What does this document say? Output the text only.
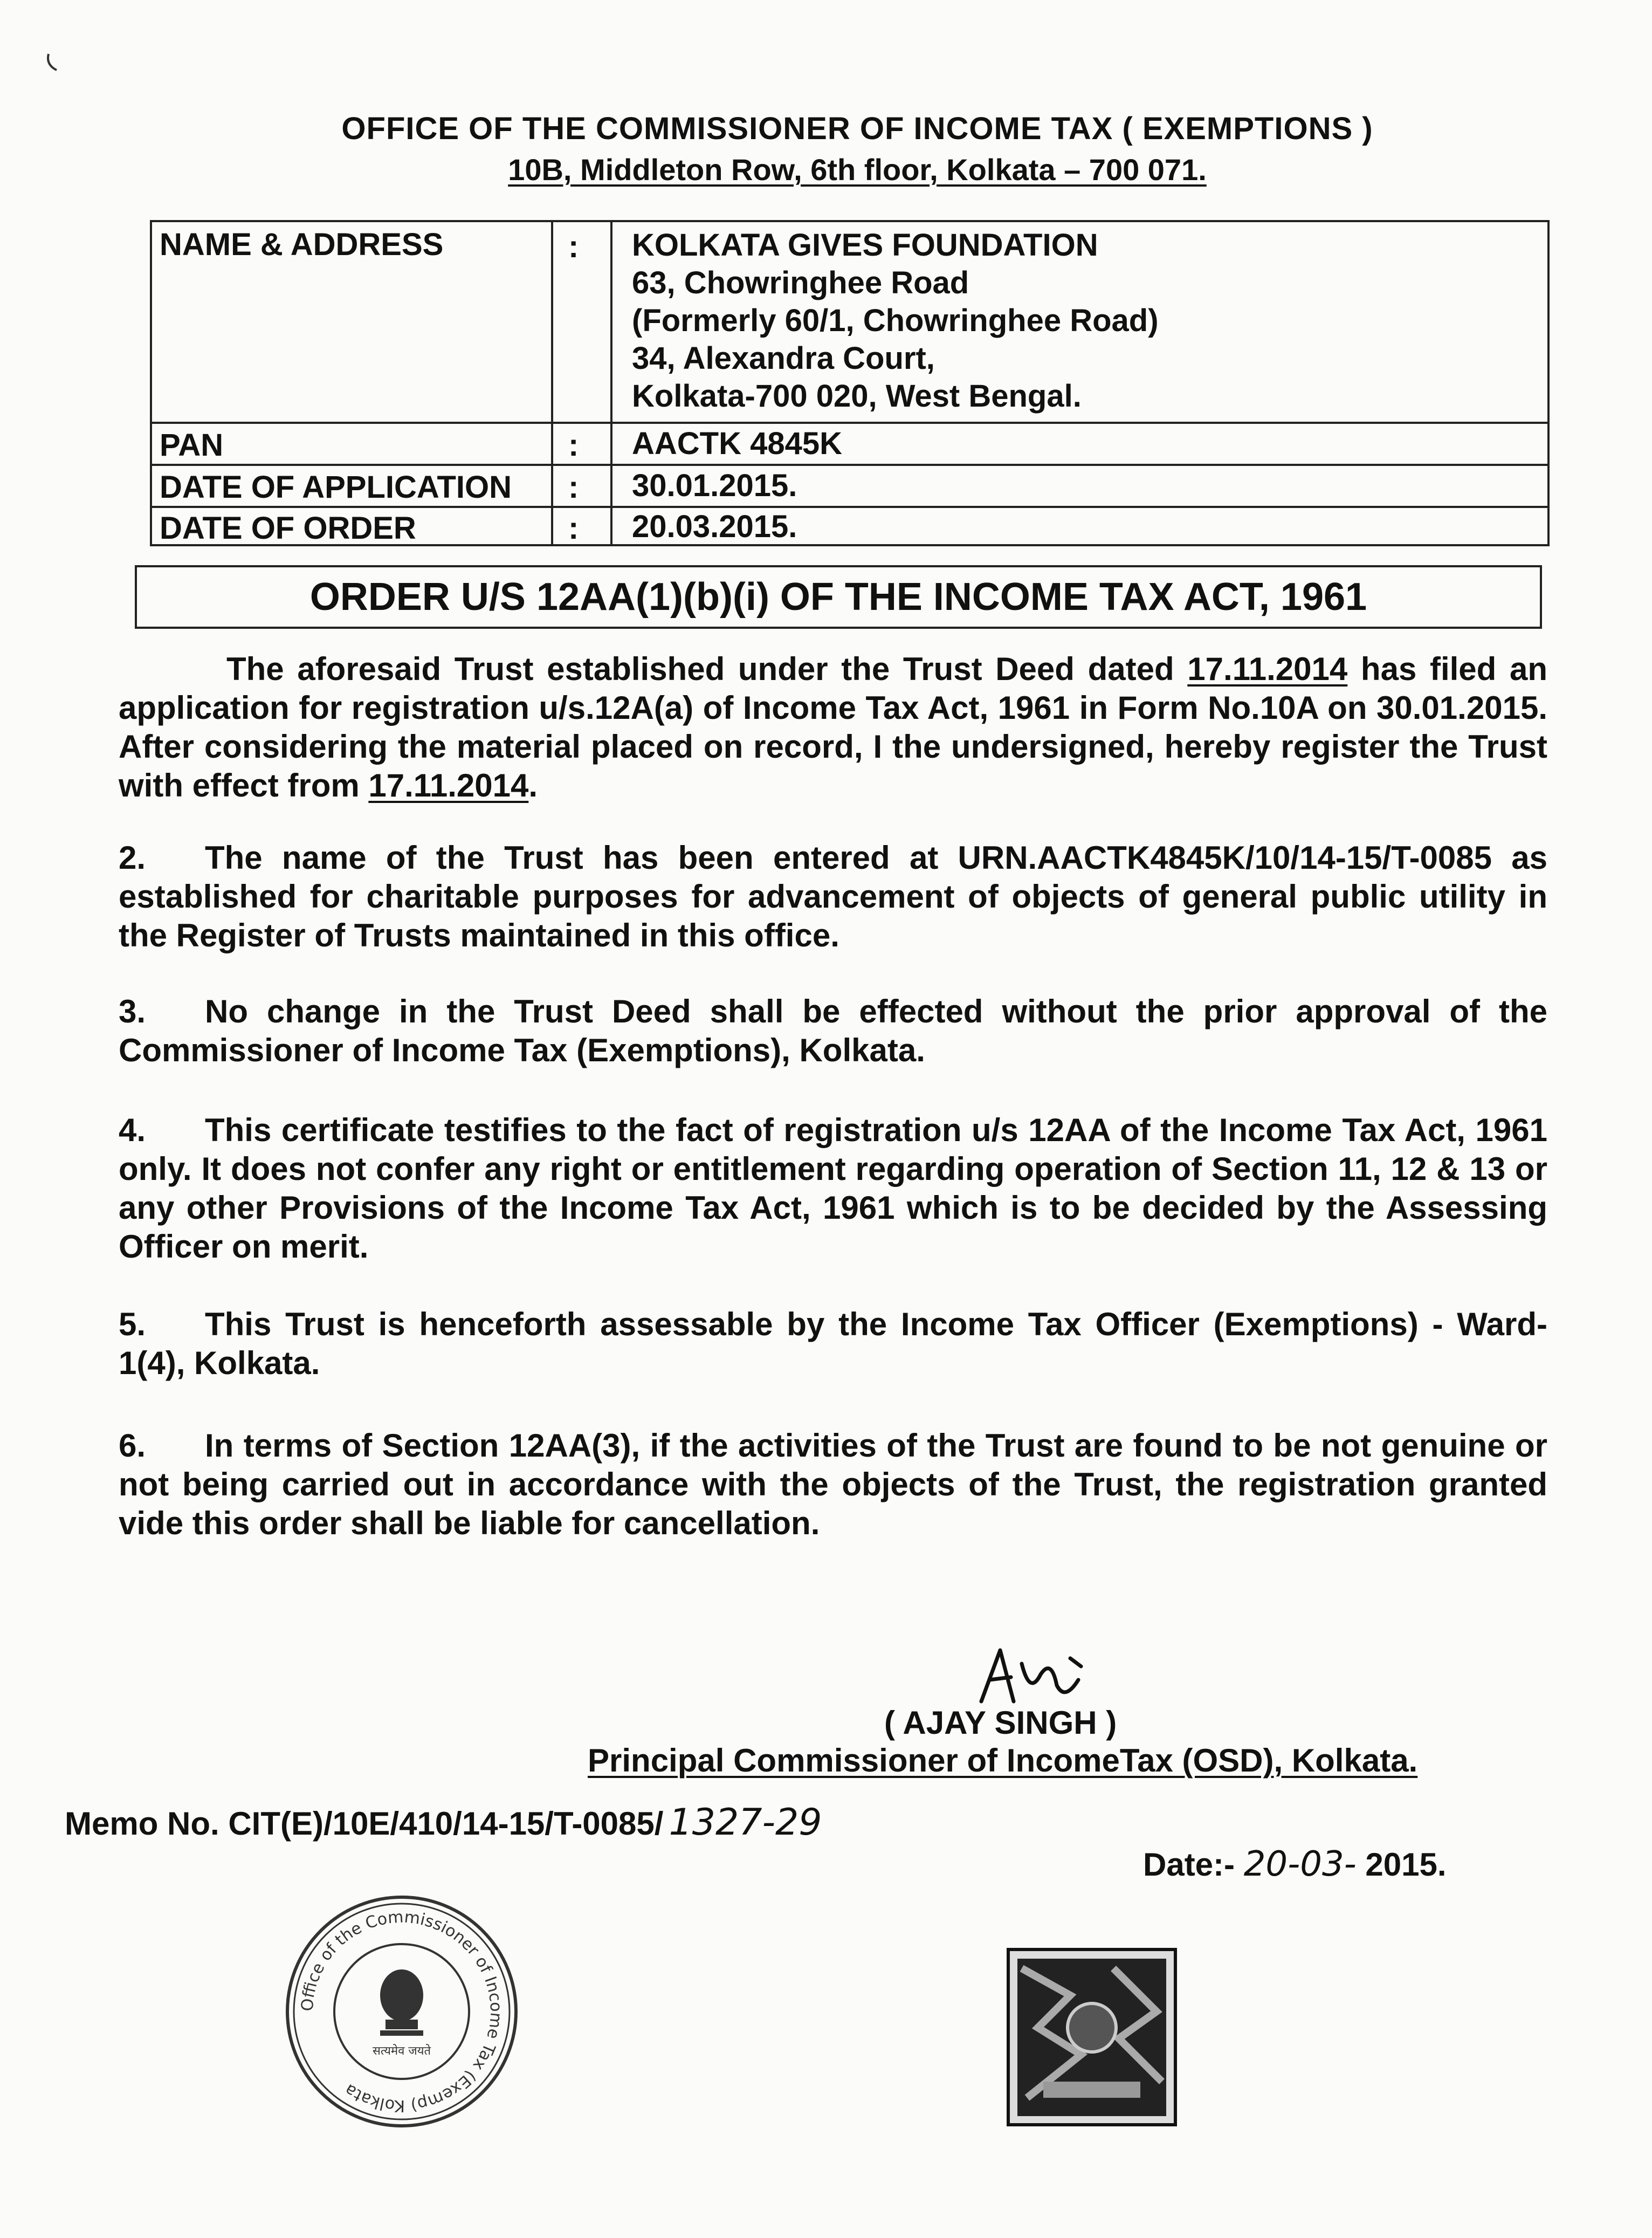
OFFICE OF THE COMMISSIONER OF INCOME TAX ( EXEMPTIONS )
10B, Middleton Row, 6th floor, Kolkata – 700 071.
NAME & ADDRESS	: KOLKATA GIVES FOUNDATION
63, Chowringhee Road
(Formerly 60/1, Chowringhee Road)
34, Alexandra Court,
Kolkata-700 020, West Bengal.
PAN	: AACTK 4845K
DATE OF APPLICATION : 30.01.2015.
DATE OF ORDER	: 20.03.2015.
ORDER U/S 12AA(1)(b)(i) OF THE INCOME TAX ACT, 1961
The aforesaid Trust established under the Trust Deed dated 17.11.2014 has filed an application for registration u/s.12A(a) of Income Tax Act, 1961 in Form No.10A on 30.01.2015. After considering the material placed on record, I the undersigned, hereby register the Trust with effect from 17.11.2014.
2. The name of the Trust has been entered at URN.AACTK4845K/10/14-15/T-0085 as established for charitable purposes for advancement of objects of general public utility in the Register of Trusts maintained in this office.
3. No change in the Trust Deed shall be effected without the prior approval of the Commissioner of Income Tax (Exemptions), Kolkata.
4. This certificate testifies to the fact of registration u/s 12AA of the Income Tax Act, 1961 only. It does not confer any right or entitlement regarding operation of Section 11, 12 & 13 or any other Provisions of the Income Tax Act, 1961 which is to be decided by the Assessing Officer on merit.
5. This Trust is henceforth assessable by the Income Tax Officer (Exemptions) - Ward-1(4), Kolkata.
6. In terms of Section 12AA(3), if the activities of the Trust are found to be not genuine or not being carried out in accordance with the objects of the Trust, the registration granted vide this order shall be liable for cancellation.
( AJAY SINGH )
Principal Commissioner of IncomeTax (OSD), Kolkata.
Memo No. CIT(E)/10E/410/14-15/T-0085/ 1327-29
Date:- 20-03- 2015.
Office of the Commissioner of Income Tax (Exemp) Kolkata
सत्यमेव जयते
